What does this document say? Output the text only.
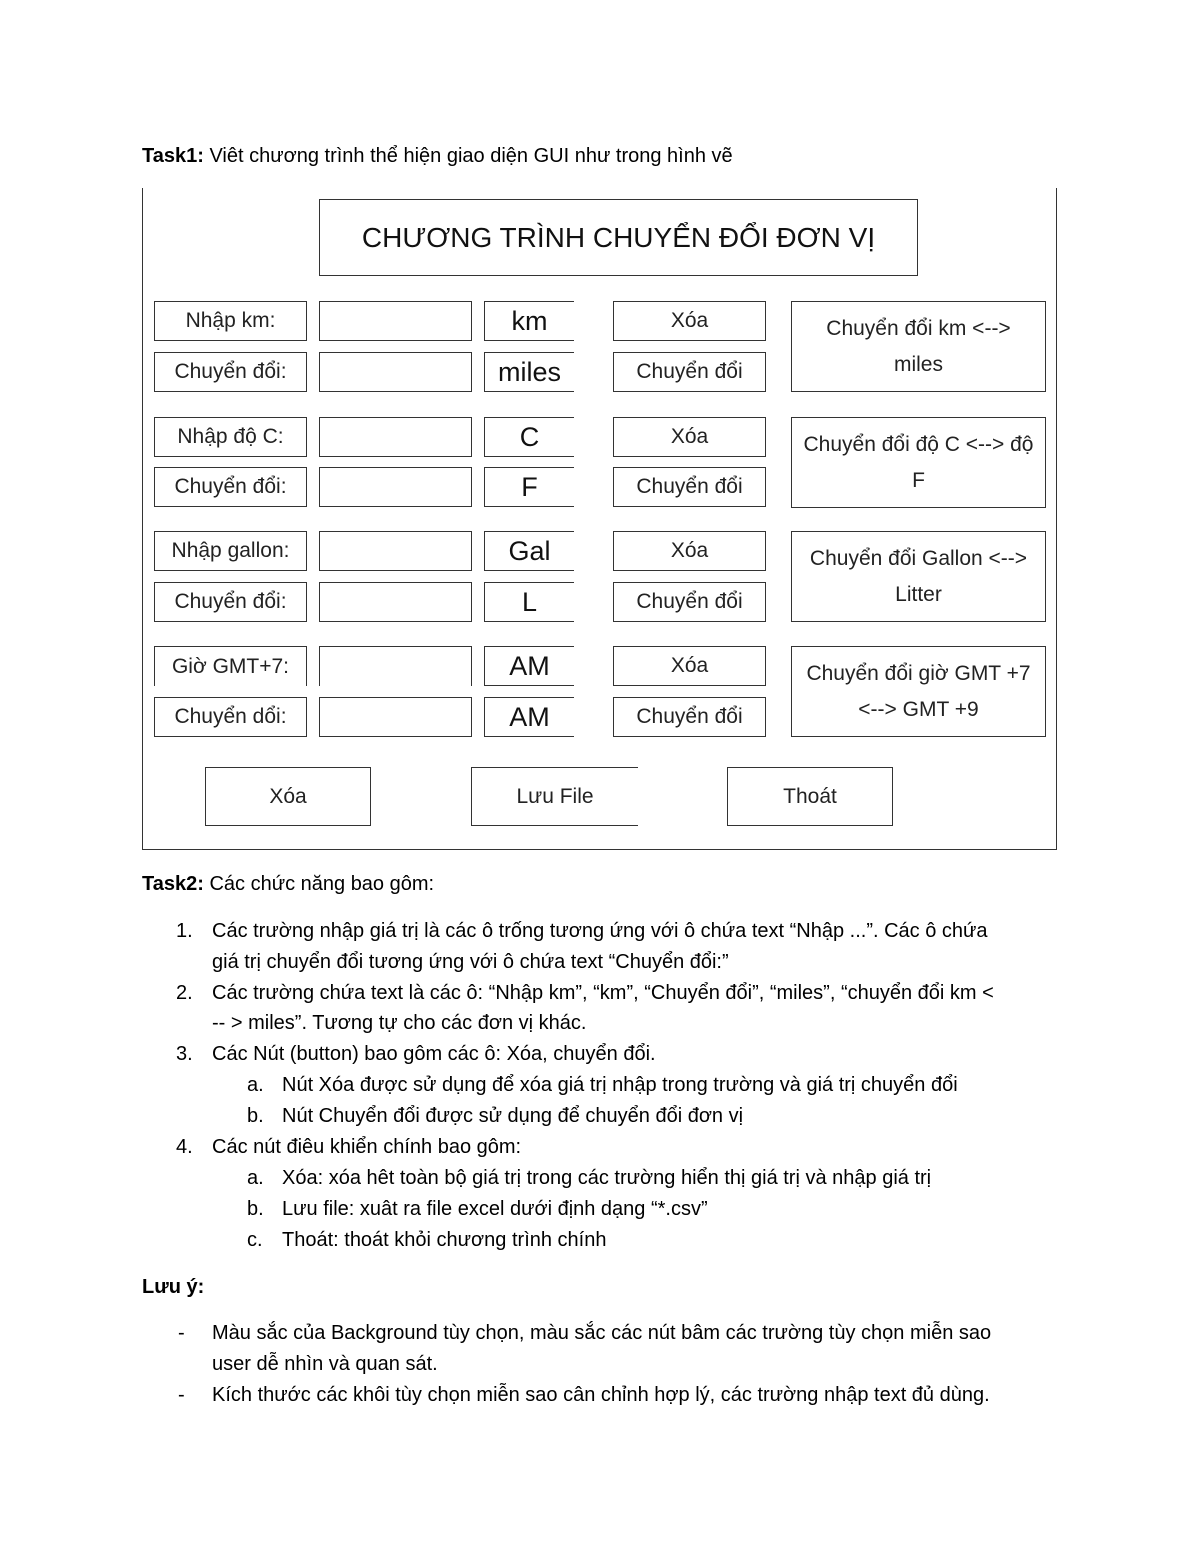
Task1: Viêt chương trình thể hiện giao diện GUI như trong hình vẽ
CHƯƠNG TRÌNH CHUYỂN ĐỔI ĐƠN VỊ
Nhập km:	km	Xóa
Chuyển đổi:	miles	Chuyển đổi
Chuyển đổi km <-->
miles
Nhập độ C:	C	Xóa
Chuyển đổi:	F	Chuyển đổi
Chuyển đổi độ C <--> độ
F
Nhập gallon:	Gal	Xóa
Chuyển đổi:	L	Chuyển đổi
Chuyển đổi Gallon <-->
Litter
Giờ GMT+7:	AM	Xóa
Chuyển dổi:	AM	Chuyển đổi
Chuyển đổi giờ GMT +7
<--> GMT +9
Xóa	Lưu File	Thoát
Task2: Các chức năng bao gôm:
1. Các trường nhập giá trị là các ô trống tương ứng với ô chứa text “Nhập ...”. Các ô chứa
giá trị chuyển đổi tương ứng với ô chứa text “Chuyển đổi:”
2. Các trường chứa text là các ô: “Nhập km”, “km”, “Chuyển đổi”, “miles”, “chuyển đổi km <
-- > miles”. Tương tự cho các đơn vị khác.
3. Các Nút (button) bao gôm các ô: Xóa, chuyển đổi.
a. Nút Xóa được sử dụng để xóa giá trị nhập trong trường và giá trị chuyển đổi
b. Nút Chuyển đổi được sử dụng để chuyển đổi đơn vị
4. Các nút điêu khiển chính bao gôm:
a. Xóa: xóa hêt toàn bộ giá trị trong các trường hiển thị giá trị và nhập giá trị
b. Lưu file: xuât ra file excel dưới định dạng “*.csv”
c. Thoát: thoát khỏi chương trình chính
Lưu ý:
- Màu sắc của Background tùy chọn, màu sắc các nút bâm các trường tùy chọn miễn sao
user dễ nhìn và quan sát.
- Kích thước các khôi tùy chọn miễn sao cân chỉnh hợp lý, các trường nhập text đủ dùng.
